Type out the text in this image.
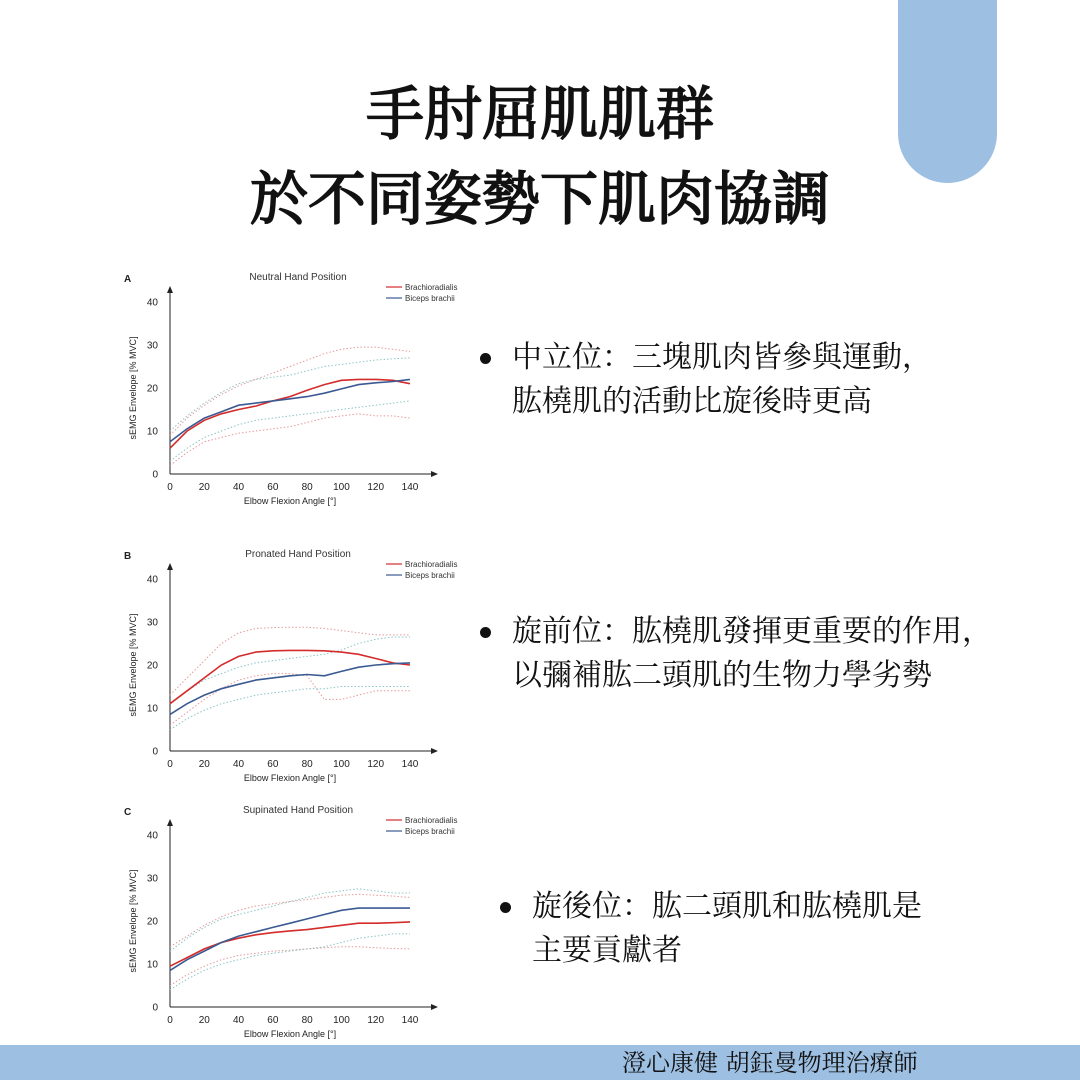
手肘屈肌肌群
於不同姿勢下肌肉協調
A	Neutral Hand Position
Brachioradialis
Biceps brachii
0
10
20
30
40
0	20 40 60 80 100 120 140
Elbow Flexion Angle [°]
sEMG Envelope [% MVC]
B	Pronated Hand Position
Brachioradialis
Biceps brachii
0
10
20
30
40
0	20 40 60 80 100 120 140
Elbow Flexion Angle [°]
sEMG Envelope [% MVC]
C	Supinated Hand Position
Brachioradialis
Biceps brachii
0
10
20
30
40
0	20 40 60 80 100 120 140
Elbow Flexion Angle [°]
sEMG Envelope [% MVC]
中立位：三塊肌肉皆參與運動，
肱橈肌的活動比旋後時更高
旋前位：肱橈肌發揮更重要的作用，
以彌補肱二頭肌的生物力學劣勢
旋後位：肱二頭肌和肱橈肌是
主要貢獻者
澄心康健 胡鈺曼物理治療師
